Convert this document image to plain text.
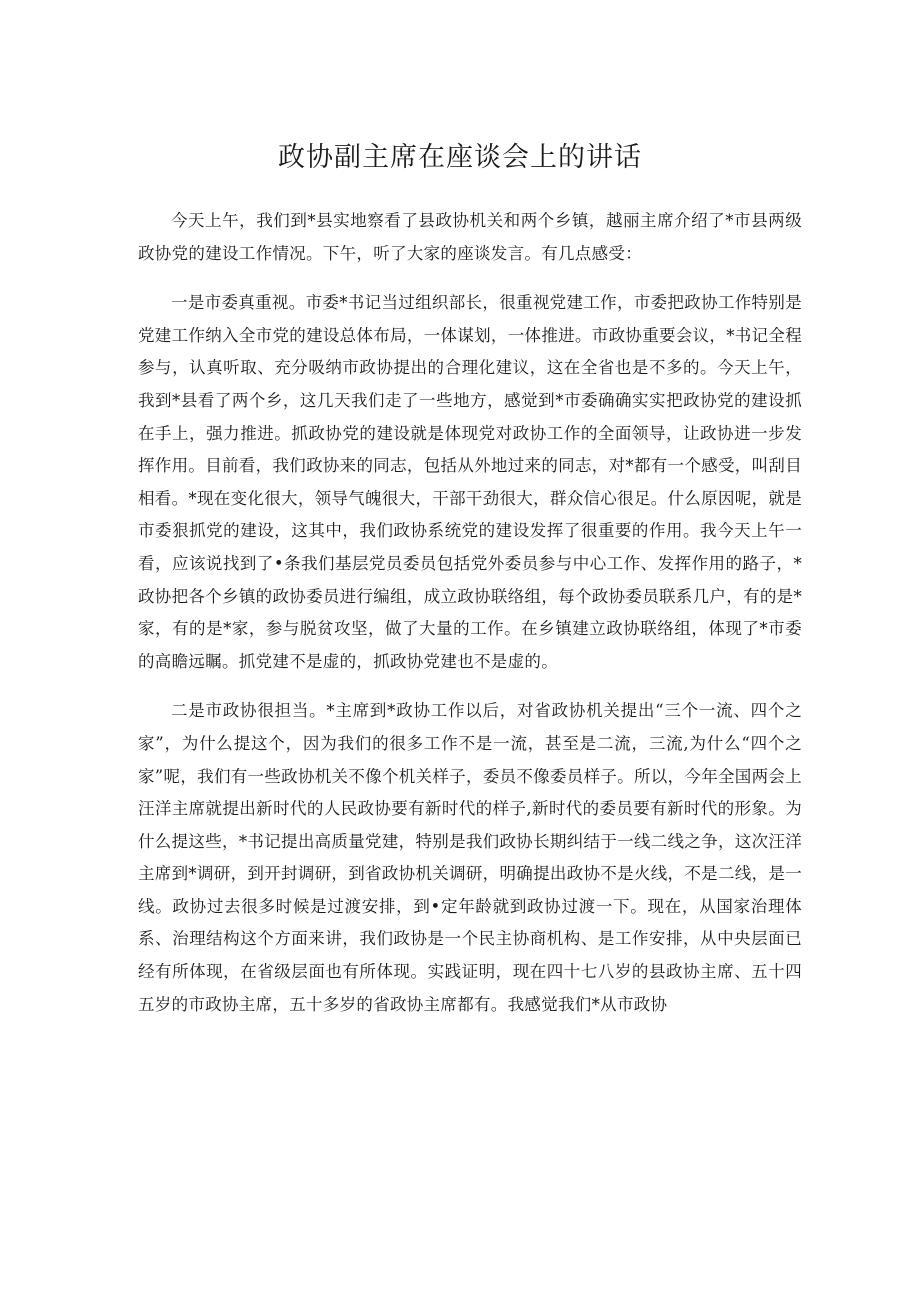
政协副主席在座谈会上的讲话

今天上午，我们到*县实地察看了县政协机关和两个乡镇，越丽主席介绍了*市县两级政协党的建设工作情况。下午，听了大家的座谈发言。有几点感受：

一是市委真重视。市委*书记当过组织部长，很重视党建工作，市委把政协工作特别是党建工作纳入全市党的建设总体布局，一体谋划，一体推进。市政协重要会议，*书记全程参与，认真听取、充分吸纳市政协提出的合理化建议，这在全省也是不多的。今天上午，我到*县看了两个乡，这几天我们走了一些地方，感觉到*市委确确实实把政协党的建设抓在手上，强力推进。抓政协党的建设就是体现党对政协工作的全面领导，让政协进一步发挥作用。目前看，我们政协来的同志，包括从外地过来的同志，对*都有一个感受，叫刮目相看。*现在变化很大，领导气魄很大，干部干劲很大，群众信心很足。什么原因呢，就是市委狠抓党的建设，这其中，我们政协系统党的建设发挥了很重要的作用。我今天上午一看，应该说找到了•条我们基层党员委员包括党外委员参与中心工作、发挥作用的路子，*政协把各个乡镇的政协委员进行编组，成立政协联络组，每个政协委员联系几户，有的是*家，有的是*家，参与脱贫攻坚，做了大量的工作。在乡镇建立政协联络组，体现了*市委的高瞻远瞩。抓党建不是虚的，抓政协党建也不是虚的。

二是市政协很担当。*主席到*政协工作以后，对省政协机关提出“三个一流、四个之家”，为什么提这个，因为我们的很多工作不是一流，甚至是二流，三流,为什么“四个之家”呢，我们有一些政协机关不像个机关样子，委员不像委员样子。所以，今年全国两会上汪洋主席就提出新时代的人民政协要有新时代的样子,新时代的委员要有新时代的形象。为什么提这些，*书记提出高质量党建，特别是我们政协长期纠结于一线二线之争，这次汪洋主席到*调研，到开封调研，到省政协机关调研，明确提出政协不是火线，不是二线，是一线。政协过去很多时候是过渡安排，到•定年龄就到政协过渡一下。现在，从国家治理体系、治理结构这个方面来讲，我们政协是一个民主协商机构、是工作安排，从中央层面已经有所体现，在省级层面也有所体现。实践证明，现在四十七八岁的县政协主席、五十四五岁的市政协主席，五十多岁的省政协主席都有。我感觉我们*从市政协
